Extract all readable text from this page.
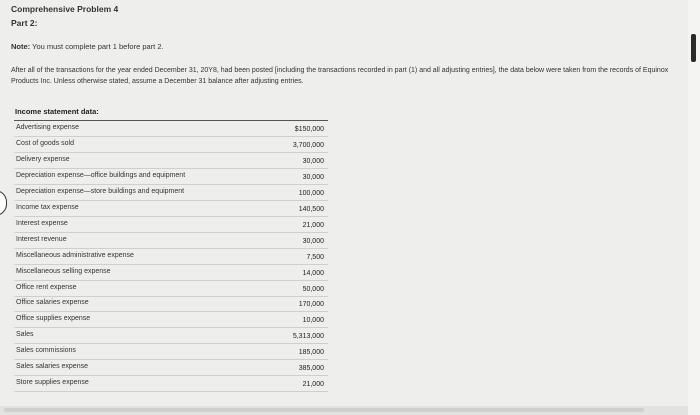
Comprehensive Problem 4
Part 2:
Note: You must complete part 1 before part 2.
After all of the transactions for the year ended December 31, 20Y8, had been posted [including the transactions recorded in part (1) and all adjusting entries], the data below were taken from the records of Equinox Products Inc. Unless otherwise stated, assume a December 31 balance after adjusting entries.
Income statement data:
Advertising expense	$150,000
Cost of goods sold	3,700,000
Delivery expense	30,000
Depreciation expense—office buildings and equipment	30,000
Depreciation expense—store buildings and equipment	100,000
Income tax expense	140,500
Interest expense	21,000
Interest revenue	30,000
Miscellaneous administrative expense	7,500
Miscellaneous selling expense	14,000
Office rent expense	50,000
Office salaries expense	170,000
Office supplies expense	10,000
Sales	5,313,000
Sales commissions	185,000
Sales salaries expense	385,000
Store supplies expense	21,000
